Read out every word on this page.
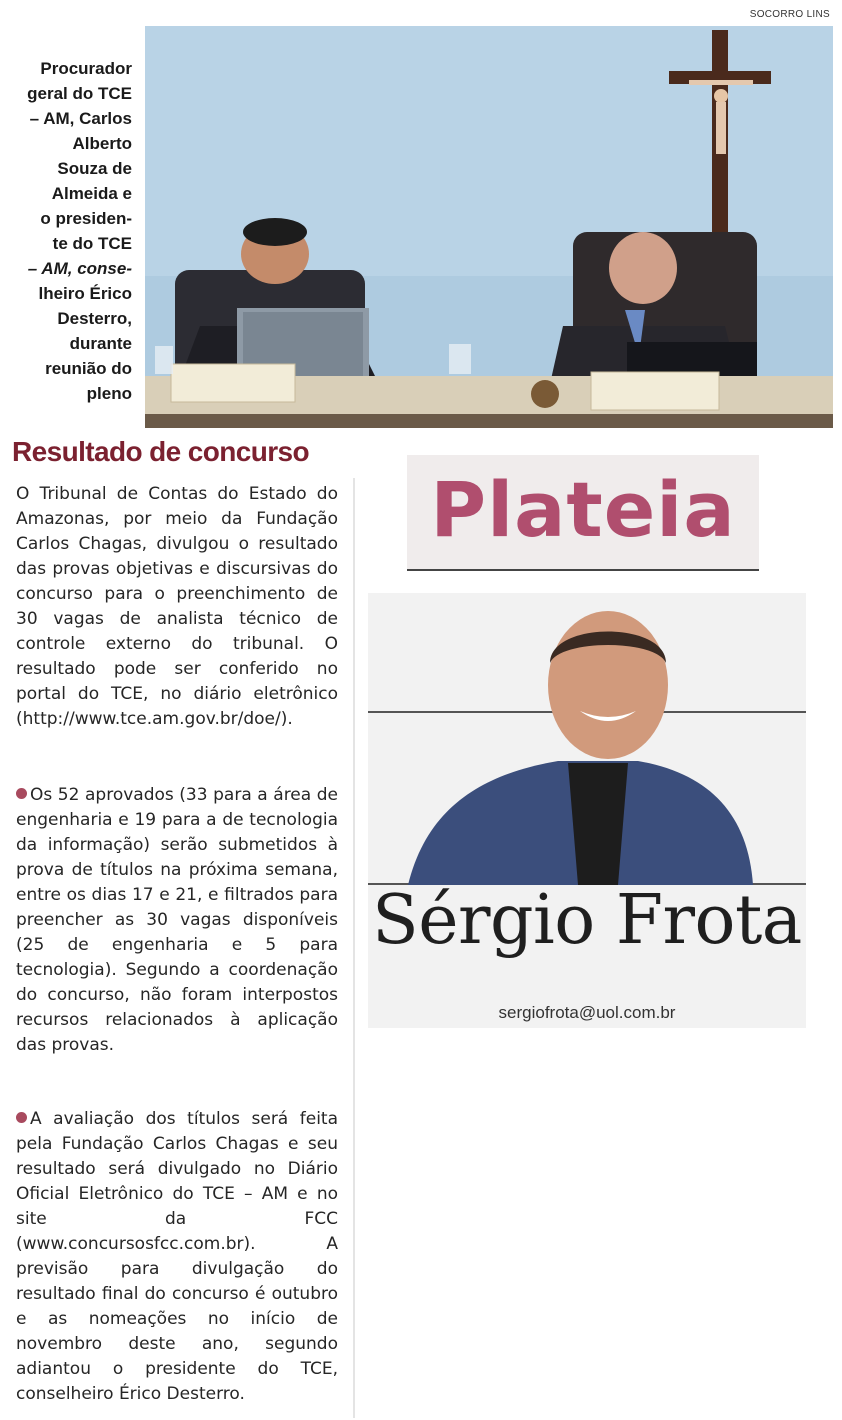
SOCORRO LINS
Procurador
geral do TCE
– AM, Carlos
Alberto
Souza de
Almeida e
o presiden-
te do TCE
– AM, conse-
lheiro Érico
Desterro,
durante
reunião do
pleno
Resultado de concurso

O Tribunal de Contas do Estado do Amazonas, por meio da Fundação Carlos Chagas, divulgou o resultado das provas objetivas e discursivas do concurso para o preenchimento de 30 vagas de analista técnico de controle externo do tribunal. O resultado pode ser conferido no portal do TCE, no diário eletrônico (http://www.tce.am.gov.br/doe/).

Os 52 aprovados (33 para a área de engenharia e 19 para a de tecnologia da informação) serão submetidos à prova de títulos na próxima semana, entre os dias 17 e 21, e filtrados para preencher as 30 vagas disponíveis (25 de engenharia e 5 para tecnologia). Segundo a coordenação do concurso, não foram interpostos recursos relacionados à aplicação das provas.

A avaliação dos títulos será feita pela Fundação Carlos Chagas e seu resultado será divulgado no Diário Oficial Eletrônico do TCE – AM e no site da FCC (www.concursosfcc.com.br). A previsão para divulgação do resultado final do concurso é outubro e as nomeações no início de novembro deste ano, segundo adiantou o presidente do TCE, conselheiro Érico Desterro.

Plateia
Sérgio Frota
sergiofrota@uol.com.br
